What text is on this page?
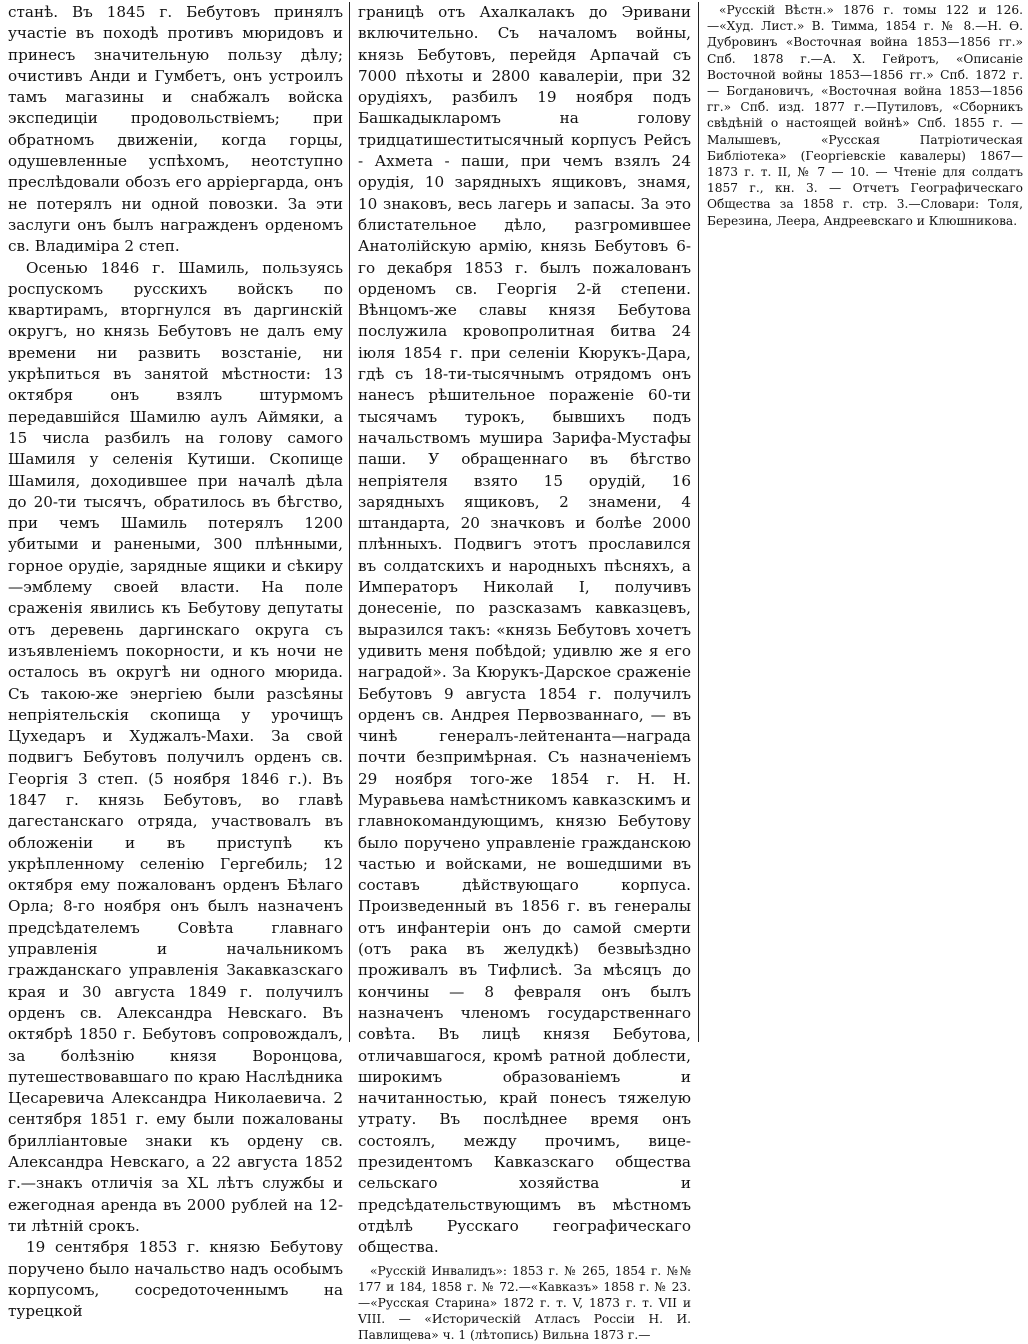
станѣ. Въ 1845 г. Бебутовъ принялъ участіе въ походѣ противъ мюридовъ и принесъ значительную пользу дѣлу; очистивъ Анди и Гумбетъ, онъ устроилъ тамъ магазины и снабжалъ войска экспедиціи продовольствіемъ; при обратномъ движеніи, когда горцы, одушевленные успѣхомъ, неотступно преслѣдовали обозъ его арріергарда, онъ не потерялъ ни одной повозки. За эти заслуги онъ былъ награжденъ орденомъ св. Владиміра 2 степ.

Осенью 1846 г. Шамиль, пользуясь роспускомъ русскихъ войскъ по квартирамъ, вторгнулся въ даргинскій округъ, но князь Бебутовъ не далъ ему времени ни развить возстаніе, ни укрѣпиться въ занятой мѣстности: 13 октября онъ взялъ штурмомъ передавшійся Шамилю аулъ Аймяки, а 15 числа разбилъ на голову самого Шамиля у селенія Кутиши. Скопище Шамиля, доходившее при началѣ дѣла до 20-ти тысячъ, обратилось въ бѣгство, при чемъ Шамиль потерялъ 1200 убитыми и ранеными, 300 плѣнными, горное орудіе, зарядные ящики и сѣкиру—эмблему своей власти. На поле сраженія явились къ Бебутову депутаты отъ деревень даргинскаго округа съ изъявленіемъ покорности, и къ ночи не осталось въ округѣ ни одного мюрида. Съ такою-же энергіею были разсѣяны непріятельскія скопища у урочищъ Цухедаръ и Худжалъ-Махи. За свой подвигъ Бебутовъ получилъ орденъ св. Георгія 3 степ. (5 ноября 1846 г.). Въ 1847 г. князь Бебутовъ, во главѣ дагестанскаго отряда, участвовалъ въ обложеніи и въ приступѣ къ укрѣпленному селенію Гергебиль; 12 октября ему пожалованъ орденъ Бѣлаго Орла; 8-го ноября онъ былъ назначенъ предсѣдателемъ Совѣта главнаго управленія и начальникомъ гражданскаго управленія Закавказскаго края и 30 августа 1849 г. получилъ орденъ св. Александра Невскаго. Въ октябрѣ 1850 г. Бебутовъ сопровождалъ, за болѣзнію князя Воронцова, путешествовавшаго по краю Наслѣдника Цесаревича Александра Николаевича. 2 сентября 1851 г. ему были пожалованы брилліантовые знаки къ ордену св. Александра Невскаго, а 22 августа 1852 г.—знакъ отличія за XL лѣтъ службы и ежегодная аренда въ 2000 рублей на 12-ти лѣтній срокъ.

19 сентября 1853 г. князю Бебутову поручено было начальство надъ особымъ корпусомъ, сосредоточеннымъ на турецкой

границѣ отъ Ахалкалакъ до Эривани включительно. Съ началомъ войны, князь Бебутовъ, перейдя Арпачай съ 7000 пѣхоты и 2800 кавалеріи, при 32 орудіяхъ, разбилъ 19 ноября подъ Башкадыкларомъ на голову тридцатишеститысячный корпусъ Рейсъ - Ахмета - паши, при чемъ взялъ 24 орудія, 10 зарядныхъ ящиковъ, знамя, 10 знаковъ, весь лагерь и запасы. За это блистательное дѣло, разгромившее Анатолійскую армію, князь Бебутовъ 6-го декабря 1853 г. былъ пожалованъ орденомъ св. Георгія 2-й степени. Вѣнцомъ-же славы князя Бебутова послужила кровопролитная битва 24 іюля 1854 г. при селеніи Кюрукъ-Дара, гдѣ съ 18-ти-тысячнымъ отрядомъ онъ нанесъ рѣшительное пораженіе 60-ти тысячамъ турокъ, бывшихъ подъ начальствомъ мушира Зарифа-Мустафы паши. У обращеннаго въ бѣгство непріятеля взято 15 орудій, 16 зарядныхъ ящиковъ, 2 знамени, 4 штандарта, 20 значковъ и болѣе 2000 плѣнныхъ. Подвигъ этотъ прославился въ солдатскихъ и народныхъ пѣсняхъ, а Императоръ Николай I, получивъ донесеніе, по разсказамъ кавказцевъ, выразился такъ: «князь Бебутовъ хочетъ удивить меня побѣдой; удивлю же я его наградой». За Кюрукъ-Дарское сраженіе Бебутовъ 9 августа 1854 г. получилъ орденъ св. Андрея Первозваннаго, — въ чинѣ генералъ-лейтенанта—награда почти безпримѣрная. Съ назначеніемъ 29 ноября того-же 1854 г. Н. Н. Муравьева намѣстникомъ кавказскимъ и главнокомандующимъ, князю Бебутову было поручено управленіе гражданскою частью и войсками, не вошедшими въ составъ дѣйствующаго корпуса. Произведенный въ 1856 г. въ генералы отъ инфантеріи онъ до самой смерти (отъ рака въ желудкѣ) безвыѣздно проживалъ въ Тифлисѣ. За мѣсяцъ до кончины — 8 февраля онъ былъ назначенъ членомъ государственнаго совѣта. Въ лицѣ князя Бебутова, отличавшагося, кромѣ ратной доблести, широкимъ образованіемъ и начитанностью, край понесъ тяжелую утрату. Въ послѣднее время онъ состоялъ, между прочимъ, вице-президентомъ Кавказскаго общества сельскаго хозяйства и предсѣдательствующимъ въ мѣстномъ отдѣлѣ Русскаго географическаго общества.

«Русскій Инвалидъ»: 1853 г. № 265, 1854 г. №№ 177 и 184, 1858 г. № 72.—«Кавказъ» 1858 г. № 23.—«Русская Старина» 1872 г. т. V, 1873 г. т. VII и VIII. — «Историческій Атласъ Россіи Н. И. Павлищева» ч. 1 (лѣтопись) Вильна 1873 г.—

«Русскій Вѣстн.» 1876 г. томы 122 и 126.—«Худ. Лист.» В. Тимма, 1854 г. № 8.—Н. Ѳ. Дубровинъ «Восточная война 1853—1856 гг.» Спб. 1878 г.—А. Х. Гейротъ, «Описаніе Восточной войны 1853—1856 гг.» Спб. 1872 г. — Богдановичъ, «Восточная война 1853—1856 гг.» Спб. изд. 1877 г.—Путиловъ, «Сборникъ свѣдѣній о настоящей войнѣ» Спб. 1855 г. — Малышевъ, «Русская Патріотическая Библіотека» (Георгіевскіе кавалеры) 1867—1873 г. т. II, № 7 — 10. — Чтеніе для солдатъ 1857 г., кн. 3. — Отчетъ Географическаго Общества за 1858 г. стр. 3.—Словари: Толя, Березина, Леера, Андреевскаго и Клюшникова.
